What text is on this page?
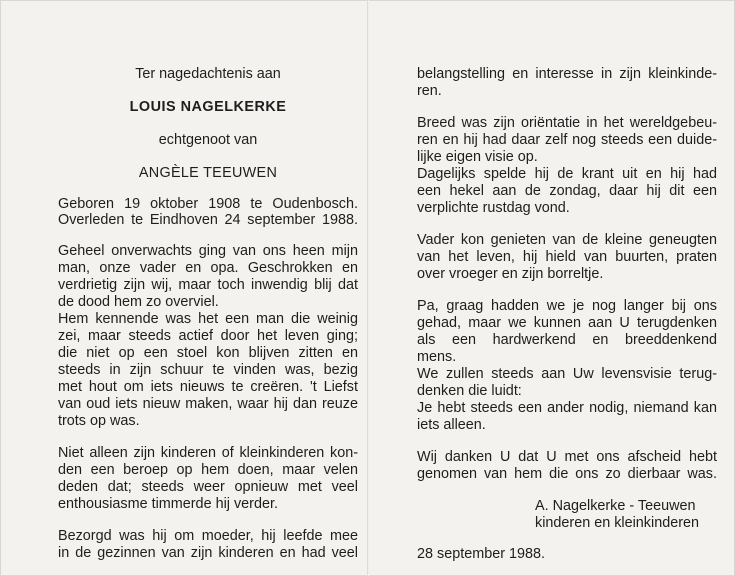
Ter nagedachtenis aan
LOUIS NAGELKERKE
echtgenoot van
ANGÈLE TEEUWEN
Geboren 19 oktober 1908 te Oudenbosch.
Overleden te Eindhoven 24 september 1988.
Geheel onverwachts ging van ons heen mijn
man, onze vader en opa. Geschrokken en
verdrietig zijn wij, maar toch inwendig blij dat
de dood hem zo overviel.
Hem kennende was het een man die weinig
zei, maar steeds actief door het leven ging;
die niet op een stoel kon blijven zitten en
steeds in zijn schuur te vinden was, bezig
met hout om iets nieuws te creëren. 't Liefst
van oud iets nieuw maken, waar hij dan reuze
trots op was.
Niet alleen zijn kinderen of kleinkinderen kon-
den een beroep op hem doen, maar velen
deden dat; steeds weer opnieuw met veel
enthousiasme timmerde hij verder.
Bezorgd was hij om moeder, hij leefde mee
in de gezinnen van zijn kinderen en had veel
belangstelling en interesse in zijn kleinkinde-
ren.
Breed was zijn oriëntatie in het wereldgebeu-
ren en hij had daar zelf nog steeds een duide-
lijke eigen visie op.
Dagelijks spelde hij de krant uit en hij had
een hekel aan de zondag, daar hij dit een
verplichte rustdag vond.
Vader kon genieten van de kleine geneugten
van het leven, hij hield van buurten, praten
over vroeger en zijn borreltje.
Pa, graag hadden we je nog langer bij ons
gehad, maar we kunnen aan U terugdenken
als een hardwerkend en breeddenkend
mens.
We zullen steeds aan Uw levensvisie terug-
denken die luidt:
Je hebt steeds een ander nodig, niemand kan
iets alleen.
Wij danken U dat U met ons afscheid hebt
genomen van hem die ons zo dierbaar was.
A. Nagelkerke - Teeuwen
kinderen en kleinkinderen
28 september 1988.
